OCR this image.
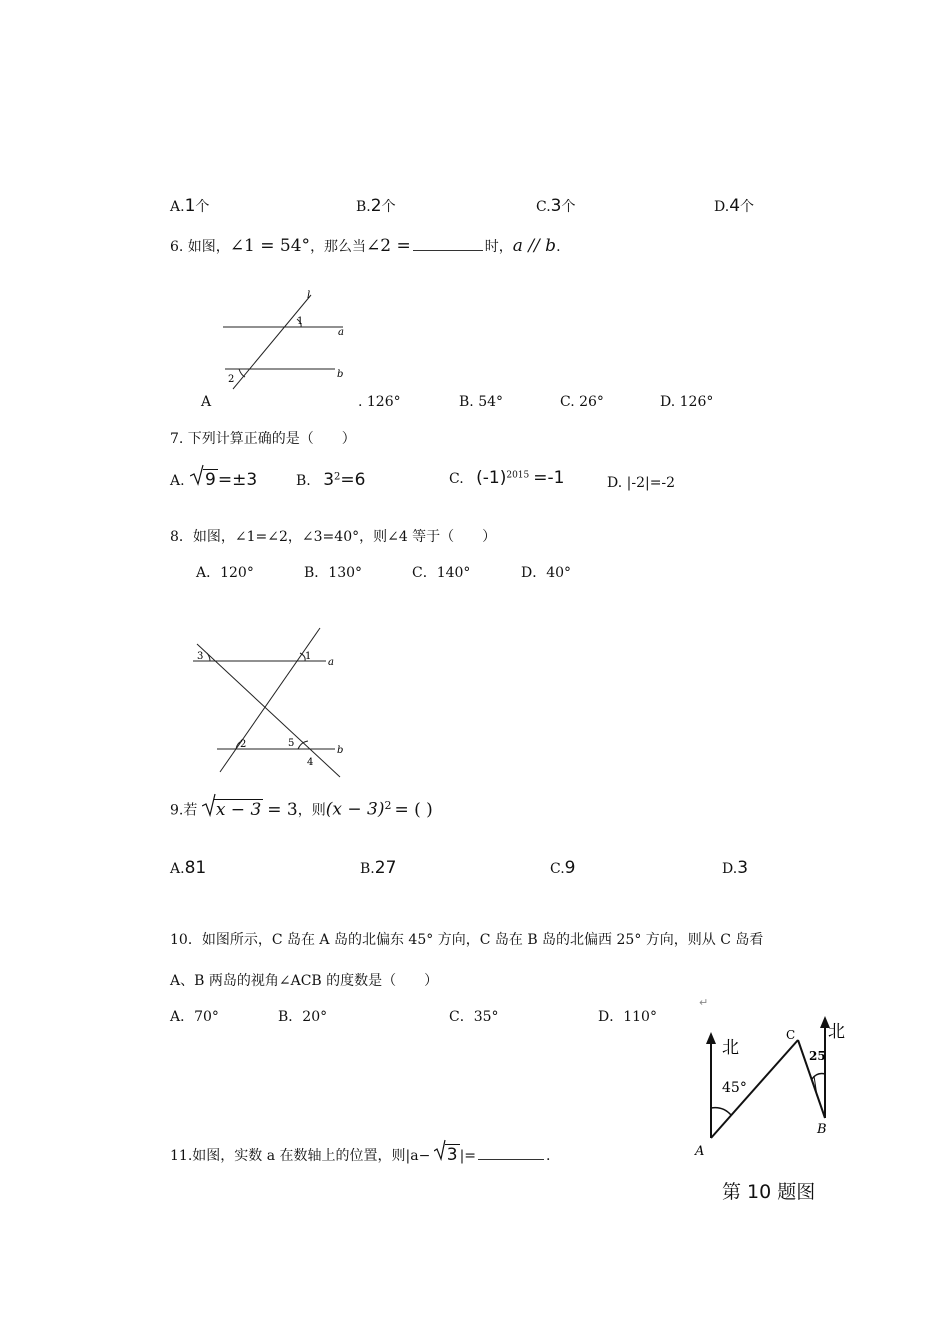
A.1个	B.2个	C.3个	D.4个
6. 如图，∠1 = 54°，那么当∠2 =	时，a // b.
l
1
a
b
2
A	. 126°	B. 54°	C. 26°	D. 126°
7. 下列计算正确的是（　　）
A. 9 =±3	B. $3^2=6$	C. $(-1)^{2015} =-1$	D. |-2|=-2
8．如图，∠1=∠2，∠3=40°，则∠4 等于（　　）
A．120°	B．130°	C．140°	D．40°
3	1
a
2	5
b
4
9.若 x − 3 = 3，则$(x - 3)^2$ = ( )
A.81	B.27	C.9	D.3
10．如图所示，C 岛在 A 岛的北偏东 45° 方向，C 岛在 B 岛的北偏西 25° 方向，则从 C 岛看
A、B 两岛的视角∠ACB 的度数是（　　）
A．70°	B．20°	C．35°	D．110°
↵
北
北
45°
25
C
A
B
第 10 题图
11.如图，实数 a 在数轴上的位置，则|a− 3 |=	.
